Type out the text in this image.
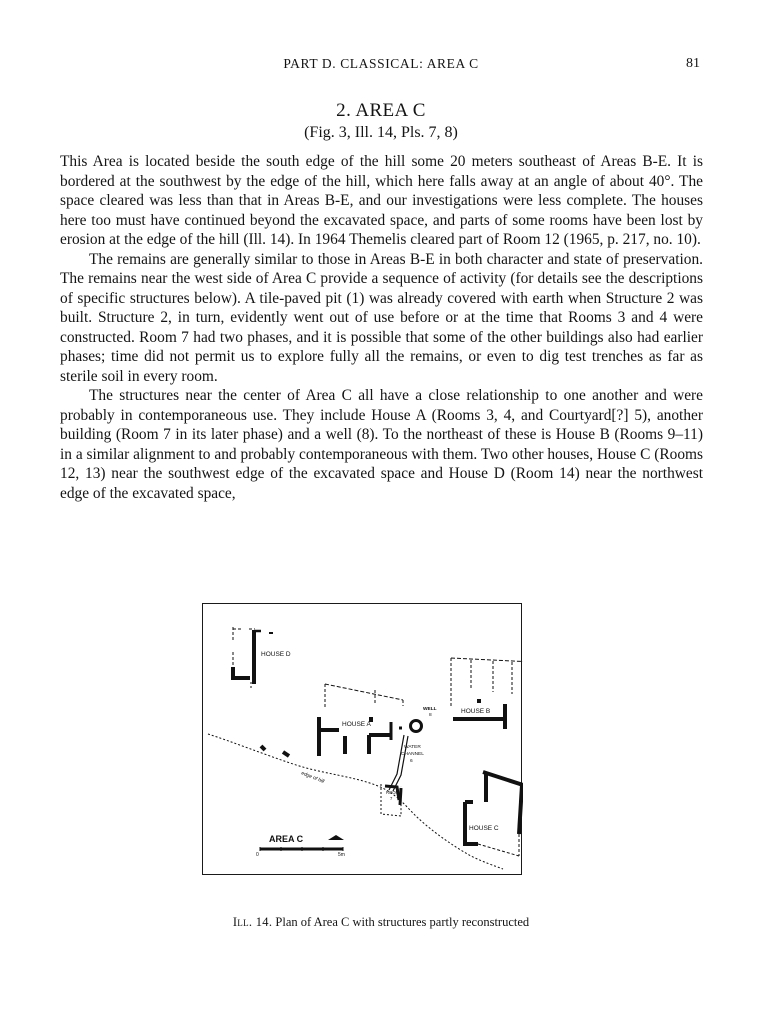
PART D. CLASSICAL: AREA C	81
2. AREA C
(Fig. 3, Ill. 14, Pls. 7, 8)

This Area is located beside the south edge of the hill some 20 meters southeast of Areas B-E. It is bordered at the southwest by the edge of the hill, which here falls away at an angle of about 40°. The space cleared was less than that in Areas B-E, and our investigations were less complete. The houses here too must have continued beyond the excavated space, and parts of some rooms have been lost by erosion at the edge of the hill (Ill. 14). In 1964 Themelis cleared part of Room 12 (1965, p. 217, no. 10).

The remains are generally similar to those in Areas B-E in both character and state of preservation. The remains near the west side of Area C provide a sequence of activity (for details see the descriptions of specific structures below). A tile-paved pit (1) was already covered with earth when Structure 2 was built. Structure 2, in turn, evidently went out of use before or at the time that Rooms 3 and 4 were constructed. Room 7 had two phases, and it is possible that some of the other buildings also had earlier phases; time did not permit us to explore fully all the remains, or even to dig test trenches as far as sterile soil in every room.

The structures near the center of Area C all have a close relationship to one another and were probably in contemporaneous use. They include House A (Rooms 3, 4, and Courtyard[?] 5), another building (Room 7 in its later phase) and a well (8). To the northeast of these is House B (Rooms 9–11) in a similar alignment to and probably contemporaneous with them. Two other houses, House C (Rooms 12, 13) near the southwest edge of the excavated space and House D (Room 14) near the northwest edge of the excavated space,

HOUSE D
HOUSE A
HOUSE B
HOUSE C
WELL
8
WATER
CHANNEL
6
ROOM
7
edge of hill
AREA C
0	5m
Ill. 14. Plan of Area C with structures partly reconstructed
